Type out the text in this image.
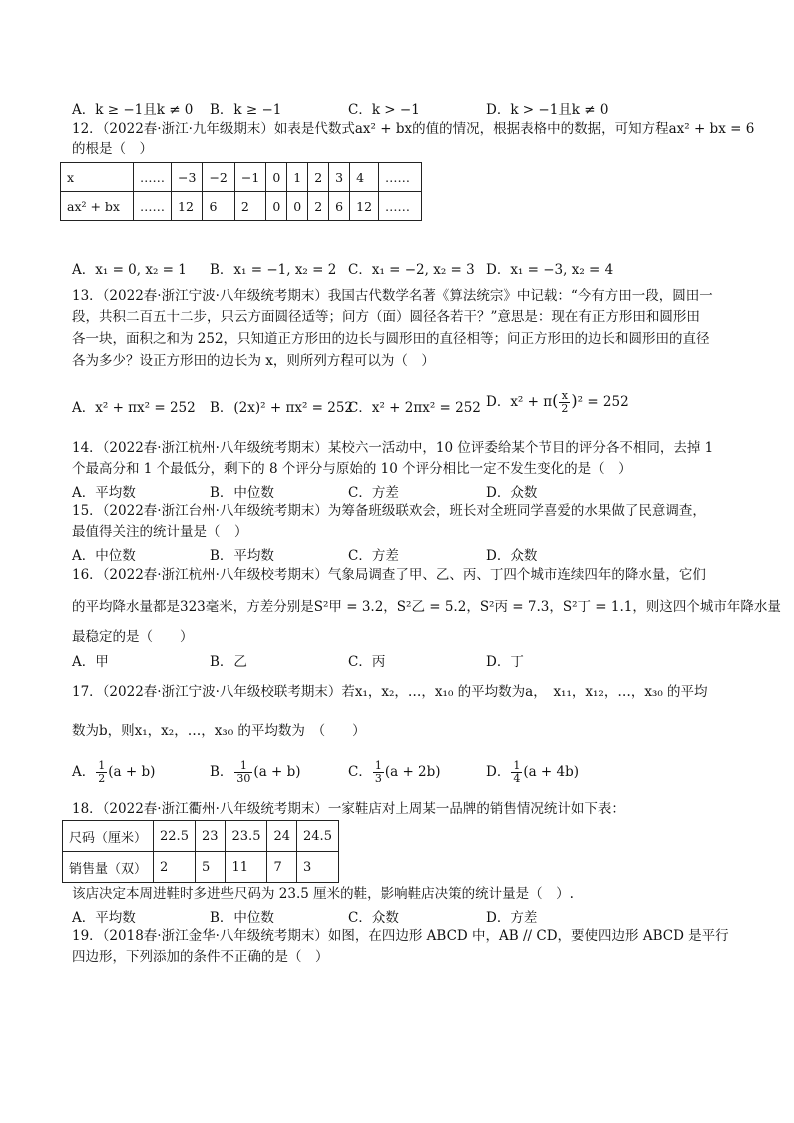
A．k ≥ −1且k ≠ 0 B．k ≥ −1	C．k > −1	D．k > −1且k ≠ 0
12．（2022春·浙江·九年级期末）如表是代数式ax² + bx的值的情况，根据表格中的数据，可知方程ax² + bx = 6
的根是（　）
x	……	−3	−2	−1	0	1	2	3	4	……
ax² + bx	……	12	6	2	0	0	2	6	12	……
A．x₁ = 0, x₂ = 1 B．x₁ = −1, x₂ = 2 C．x₁ = −2, x₂ = 3 D．x₁ = −3, x₂ = 4
13．（2022春·浙江宁波·八年级统考期末）我国古代数学名著《算法统宗》中记载：“今有方田一段，圆田一
段，共积二百五十二步，只云方面圆径适等；问方（面）圆径各若干？”意思是：现在有正方形田和圆形田
各一块，面积之和为 252，只知道正方形田的边长与圆形田的直径相等；问正方形田的边长和圆形田的直径
各为多少？设正方形田的边长为 x，则所列方程可以为（　）
A．x² + πx² = 252 B．(2x)² + πx² = 252
C．x² + 2πx² = 252 D．$x^2 + \pi( \frac{x}{2} )^2 = 252$
14．（2022春·浙江杭州·八年级统考期末）某校六一活动中，10 位评委给某个节目的评分各不相同，去掉 1
个最高分和 1 个最低分，剩下的 8 个评分与原始的 10 个评分相比一定不发生变化的是（　）
A．平均数	B．中位数	C．方差	D．众数
15．（2022春·浙江台州·八年级统考期末）为筹备班级联欢会，班长对全班同学喜爱的水果做了民意调查，
最值得关注的统计量是（　）
A．中位数	B．平均数	C．方差	D．众数
16．（2022春·浙江杭州·八年级校考期末）气象局调查了甲、乙、丙、丁四个城市连续四年的降水量，它们
的平均降水量都是323毫米，方差分别是S²甲 = 3.2，S²乙 = 5.2，S²丙 = 7.3，S²丁 = 1.1，则这四个城市年降水量
最稳定的是（　　）
A．甲	B．乙	C．丙	D．丁
17．（2022春·浙江宁波·八年级校联考期末）若x₁，x₂，…，x₁₀ 的平均数为a，　x₁₁，x₁₂，…，x₃₀ 的平均
数为b，则x₁，x₂，…，x₃₀ 的平均数为　（　　）
A． $\frac{1}{2} (a + b)$	B． $\frac{1}{30} (a + b)$	C． $\frac{1}{3} (a + 2b)$	D． $\frac{1}{4} (a + 4b)$
18．（2022春·浙江衢州·八年级统考期末）一家鞋店对上周某一品牌的销售情况统计如下表：
尺码（厘米）	22.5	23	23.5	24	24.5
销售量（双）	2	5	11	7	3
该店决定本周进鞋时多进些尺码为 23.5 厘米的鞋，影响鞋店决策的统计量是（　）.
A．平均数	B．中位数	C．众数	D．方差
19．（2018春·浙江金华·八年级统考期末）如图，在四边形 ABCD 中，AB // CD，要使四边形 ABCD 是平行
四边形，下列添加的条件不正确的是（　）
